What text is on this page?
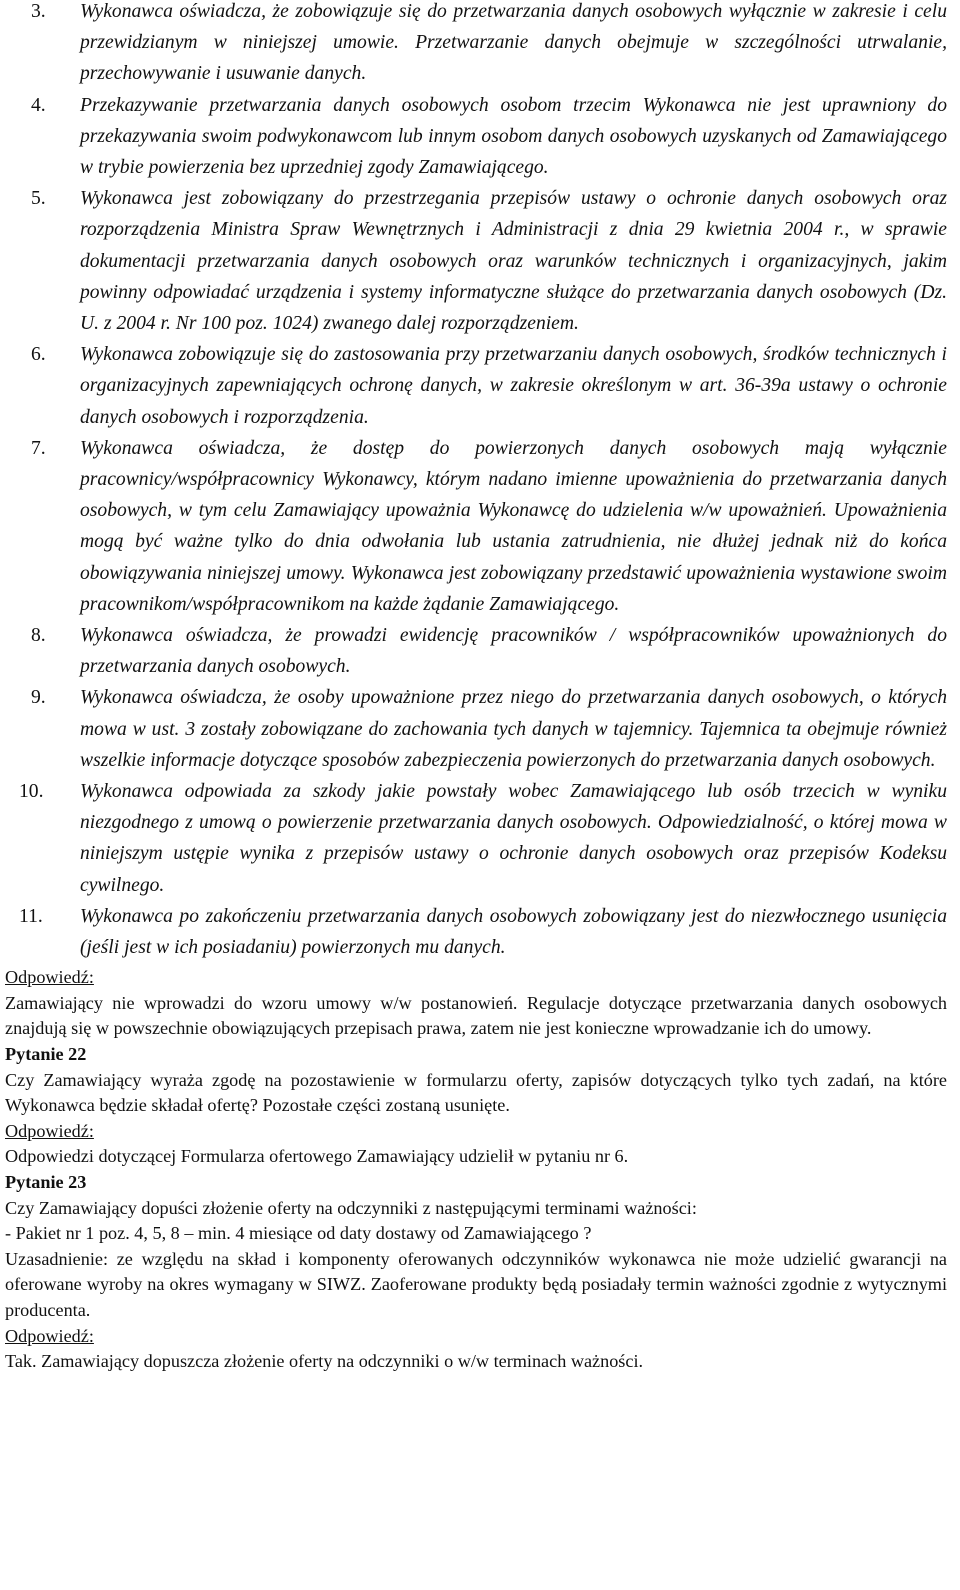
3. Wykonawca oświadcza, że zobowiązuje się do przetwarzania danych osobowych wyłącznie w zakresie i celu przewidzianym w niniejszej umowie. Przetwarzanie danych obejmuje w szczególności utrwalanie, przechowywanie i usuwanie danych.
4. Przekazywanie przetwarzania danych osobowych osobom trzecim Wykonawca nie jest uprawniony do przekazywania swoim podwykonawcom lub innym osobom danych osobowych uzyskanych od Zamawiającego w trybie powierzenia bez uprzedniej zgody Zamawiającego.
5. Wykonawca jest zobowiązany do przestrzegania przepisów ustawy o ochronie danych osobowych oraz rozporządzenia Ministra Spraw Wewnętrznych i Administracji z dnia 29 kwietnia 2004 r., w sprawie dokumentacji przetwarzania danych osobowych oraz warunków technicznych i organizacyjnych, jakim powinny odpowiadać urządzenia i systemy informatyczne służące do przetwarzania danych osobowych (Dz. U. z 2004 r. Nr 100 poz. 1024) zwanego dalej rozporządzeniem.
6. Wykonawca zobowiązuje się do zastosowania przy przetwarzaniu danych osobowych, środków technicznych i organizacyjnych zapewniających ochronę danych, w zakresie określonym w art. 36-39a ustawy o ochronie danych osobowych i rozporządzenia.
7. Wykonawca oświadcza, że dostęp do powierzonych danych osobowych mają wyłącznie pracownicy/współpracownicy Wykonawcy, którym nadano imienne upoważnienia do przetwarzania danych osobowych, w tym celu Zamawiający upoważnia Wykonawcę do udzielenia w/w upoważnień. Upoważnienia mogą być ważne tylko do dnia odwołania lub ustania zatrudnienia, nie dłużej jednak niż do końca obowiązywania niniejszej umowy. Wykonawca jest zobowiązany przedstawić upoważnienia wystawione swoim pracownikom/współpracownikom na każde żądanie Zamawiającego.
8. Wykonawca oświadcza, że prowadzi ewidencję pracowników / współpracowników upoważnionych do przetwarzania danych osobowych.
9. Wykonawca oświadcza, że osoby upoważnione przez niego do przetwarzania danych osobowych, o których mowa w ust. 3 zostały zobowiązane do zachowania tych danych w tajemnicy. Tajemnica ta obejmuje również wszelkie informacje dotyczące sposobów zabezpieczenia powierzonych do przetwarzania danych osobowych.
10. Wykonawca odpowiada za szkody jakie powstały wobec Zamawiającego lub osób trzecich w wyniku niezgodnego z umową o powierzenie przetwarzania danych osobowych. Odpowiedzialność, o której mowa w niniejszym ustępie wynika z przepisów ustawy o ochronie danych osobowych oraz przepisów Kodeksu cywilnego.
11. Wykonawca po zakończeniu przetwarzania danych osobowych zobowiązany jest do niezwłocznego usunięcia (jeśli jest w ich posiadaniu) powierzonych mu danych.
Odpowiedź:
Zamawiający nie wprowadzi do wzoru umowy w/w postanowień. Regulacje dotyczące przetwarzania danych osobowych znajdują się w powszechnie obowiązujących przepisach prawa, zatem nie jest konieczne wprowadzanie ich do umowy.
Pytanie 22
Czy Zamawiający wyraża zgodę na pozostawienie w formularzu oferty, zapisów dotyczących tylko tych zadań, na które Wykonawca będzie składał ofertę? Pozostałe części zostaną usunięte.
Odpowiedź:
Odpowiedzi dotyczącej Formularza ofertowego Zamawiający udzielił w pytaniu nr 6.
Pytanie 23
Czy Zamawiający dopuści złożenie oferty na odczynniki z następującymi terminami ważności:
- Pakiet nr 1 poz. 4, 5, 8 – min. 4 miesiące od daty dostawy od Zamawiającego ?
Uzasadnienie: ze względu na skład i komponenty oferowanych odczynników wykonawca nie może udzielić gwarancji na oferowane wyroby na okres wymagany w SIWZ. Zaoferowane produkty będą posiadały termin ważności zgodnie z wytycznymi producenta.
Odpowiedź:
Tak. Zamawiający dopuszcza złożenie oferty na odczynniki o w/w terminach ważności.
